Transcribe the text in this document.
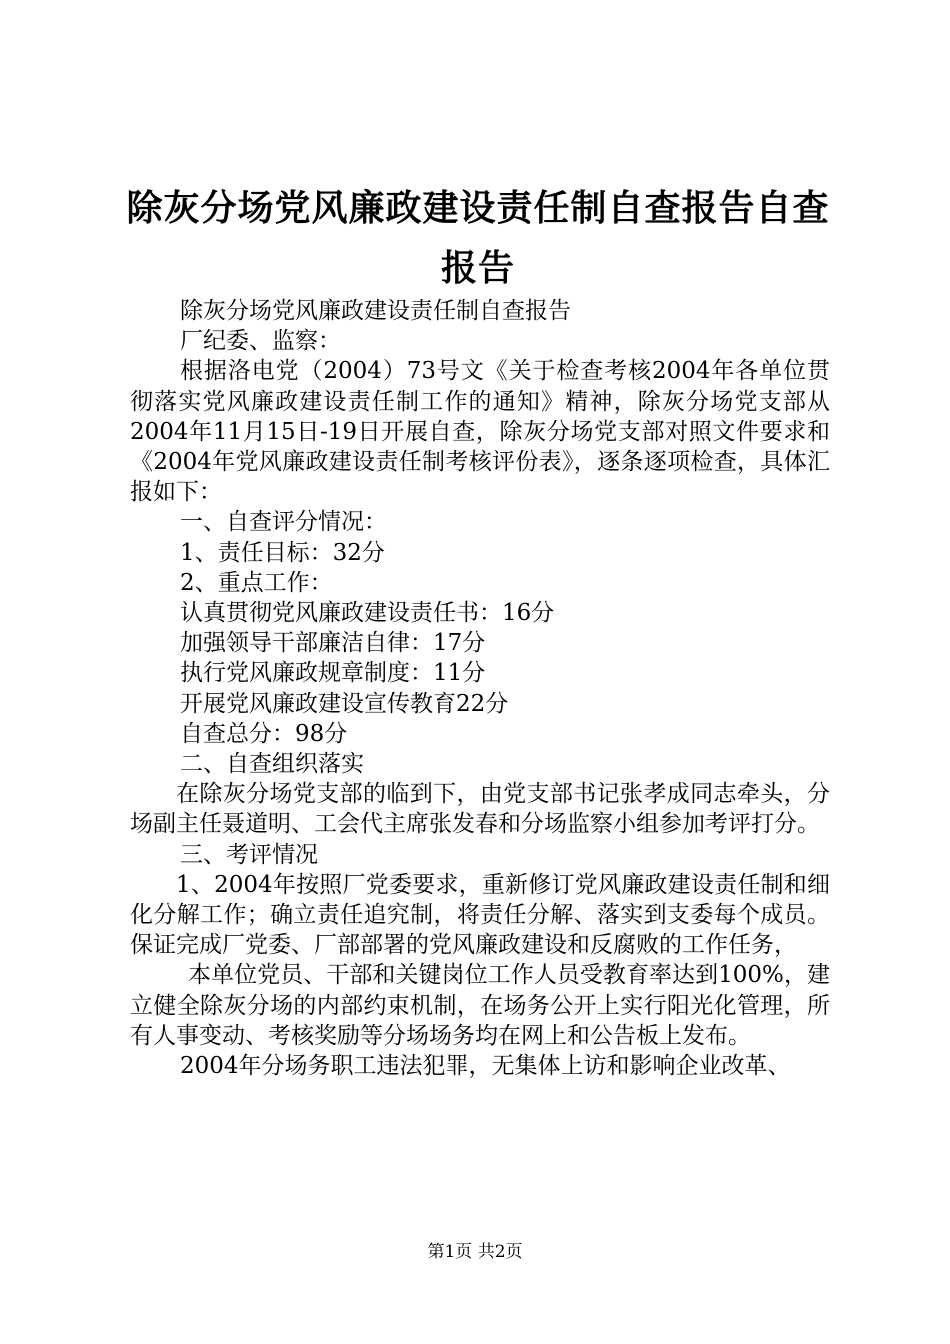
除灰分场党风廉政建设责任制自查报告自查报告

除灰分场党风廉政建设责任制自查报告

厂纪委、监察：

根据洛电党（2004）73号文《关于检查考核2004年各单位贯彻落实党风廉政建设责任制工作的通知》精神，除灰分场党支部从2004年11月15日-19日开展自查，除灰分场党支部对照文件要求和《2004年党风廉政建设责任制考核评份表》，逐条逐项检查，具体汇报如下：

一、自查评分情况：

1、责任目标：32分

2、重点工作：

认真贯彻党风廉政建设责任书：16分

加强领导干部廉洁自律：17分

执行党风廉政规章制度：11分

开展党风廉政建设宣传教育22分

自查总分：98分

二、自查组织落实

在除灰分场党支部的临到下，由党支部书记张孝成同志牵头，分场副主任聂道明、工会代主席张发春和分场监察小组参加考评打分。

三、考评情况

1、2004年按照厂党委要求，重新修订党风廉政建设责任制和细化分解工作；确立责任追究制，将责任分解、落实到支委每个成员。保证完成厂党委、厂部部署的党风廉政建设和反腐败的工作任务，

本单位党员、干部和关键岗位工作人员受教育率达到100%，建立健全除灰分场的内部约束机制，在场务公开上实行阳光化管理，所有人事变动、考核奖励等分场场务均在网上和公告板上发布。

2004年分场务职工违法犯罪，无集体上访和影响企业改革、

第1页 共2页
